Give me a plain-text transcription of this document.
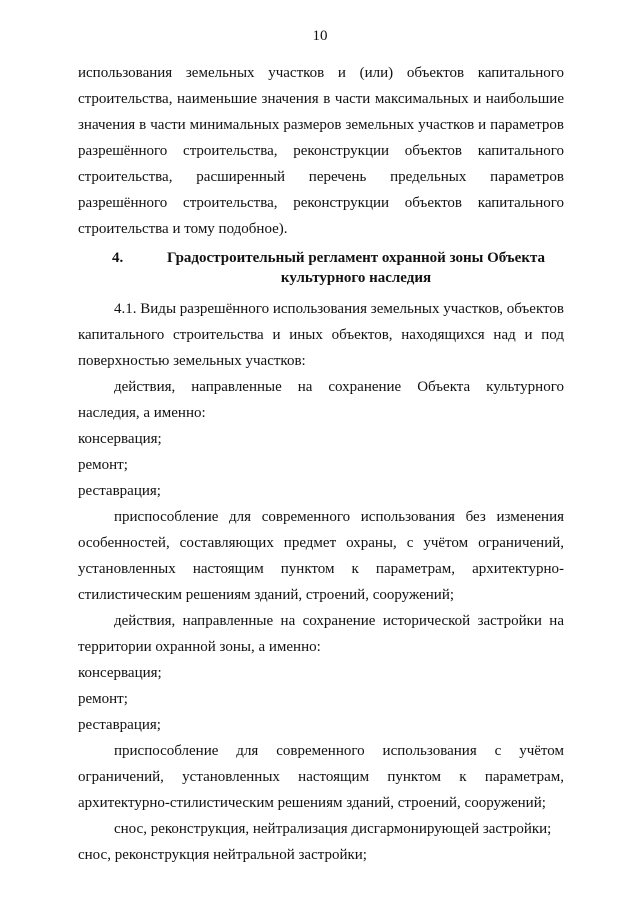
10

использования земельных участков и (или) объектов капитального строительства, наименьшие значения в части максимальных и наибольшие значения в части минимальных размеров земельных участков и параметров разрешённого строительства, реконструкции объектов капитального строительства, расширенный перечень предельных параметров разрешённого строительства, реконструкции объектов капитального строительства и тому подобное).

4.	Градостроительный регламент охранной зоны Объекта культурного наследия

4.1. Виды разрешённого использования земельных участков, объектов капитального строительства и иных объектов, находящихся над и под поверхностью земельных участков:

действия, направленные на сохранение Объекта культурного наследия, а именно:

консервация;

ремонт;

реставрация;

приспособление для современного использования без изменения особенностей, составляющих предмет охраны, с учётом ограничений, установленных настоящим пунктом к параметрам, архитектурно-стилистическим решениям зданий, строений, сооружений;

действия, направленные на сохранение исторической застройки на территории охранной зоны, а именно:

консервация;

ремонт;

реставрация;

приспособление для современного использования с учётом ограничений, установленных настоящим пунктом к параметрам, архитектурно-стилистическим решениям зданий, строений, сооружений;

снос, реконструкция, нейтрализация дисгармонирующей застройки;

снос, реконструкция нейтральной застройки;
